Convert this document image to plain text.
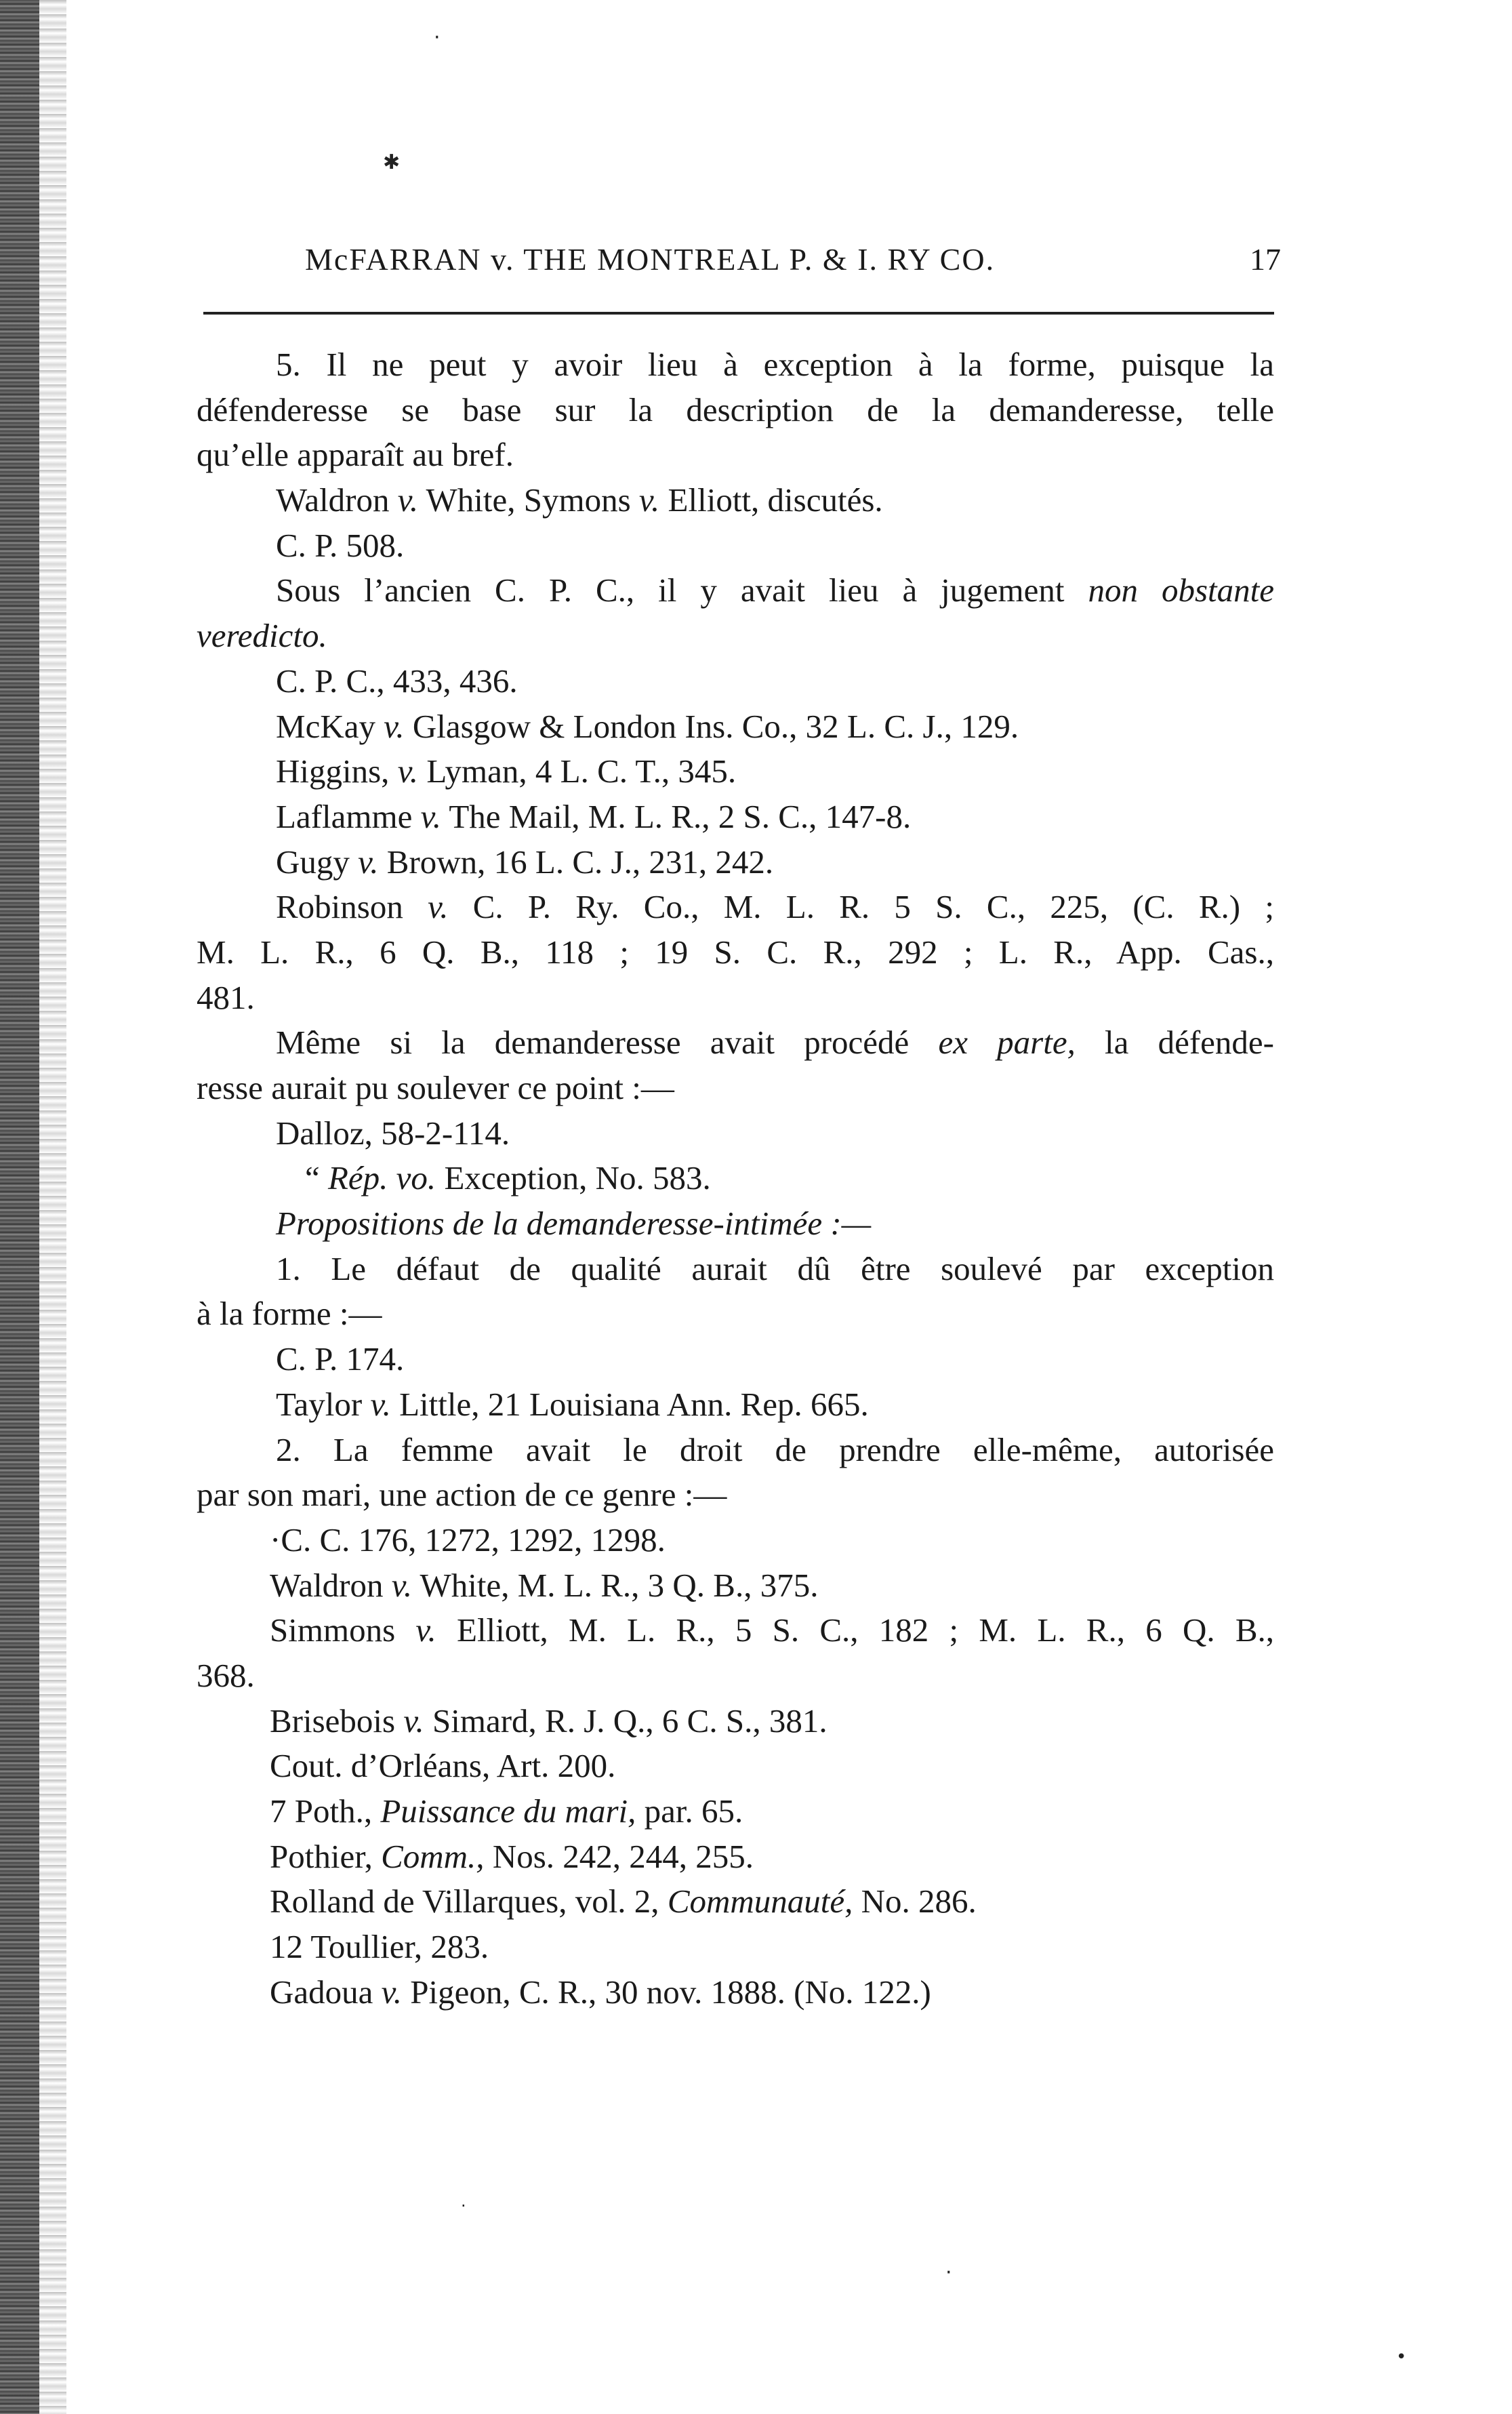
✱
·
·
•
·
McFARRAN v. THE MONTREAL P. & I. RY CO.	17
5. Il ne peut y avoir lieu à exception à la forme, puisque la
défenderesse se base sur la description de la demanderesse, telle
qu’elle apparaît au bref.
Waldron v. White, Symons v. Elliott, discutés.
C. P. 508.
Sous l’ancien C. P. C., il y avait lieu à jugement non obstante
veredicto.
C. P. C., 433, 436.
McKay v. Glasgow & London Ins. Co., 32 L. C. J., 129.
Higgins, v. Lyman, 4 L. C. T., 345.
Laflamme v. The Mail, M. L. R., 2 S. C., 147-8.
Gugy v. Brown, 16 L. C. J., 231, 242.
Robinson v. C. P. Ry. Co., M. L. R. 5 S. C., 225, (C. R.) ;
M. L. R., 6 Q. B., 118 ; 19 S. C. R., 292 ; L. R., App. Cas.,
481.
Même si la demanderesse avait procédé ex parte, la défende-
resse aurait pu soulever ce point :—
Dalloz, 58-2-114.
“ Rép. vo. Exception, No. 583.
Propositions de la demanderesse-intimée :—
1. Le défaut de qualité aurait dû être soulevé par exception
à la forme :—
C. P. 174.
Taylor v. Little, 21 Louisiana Ann. Rep. 665.
2. La femme avait le droit de prendre elle-même, autorisée
par son mari, une action de ce genre :—
·C. C. 176, 1272, 1292, 1298.
Waldron v. White, M. L. R., 3 Q. B., 375.
Simmons v. Elliott, M. L. R., 5 S. C., 182 ; M. L. R., 6 Q. B.,
368.
Brisebois v. Simard, R. J. Q., 6 C. S., 381.
Cout. d’Orléans, Art. 200.
7 Poth., Puissance du mari, par. 65.
Pothier, Comm., Nos. 242, 244, 255.
Rolland de Villarques, vol. 2, Communauté, No. 286.
12 Toullier, 283.
Gadoua v. Pigeon, C. R., 30 nov. 1888. (No. 122.)
